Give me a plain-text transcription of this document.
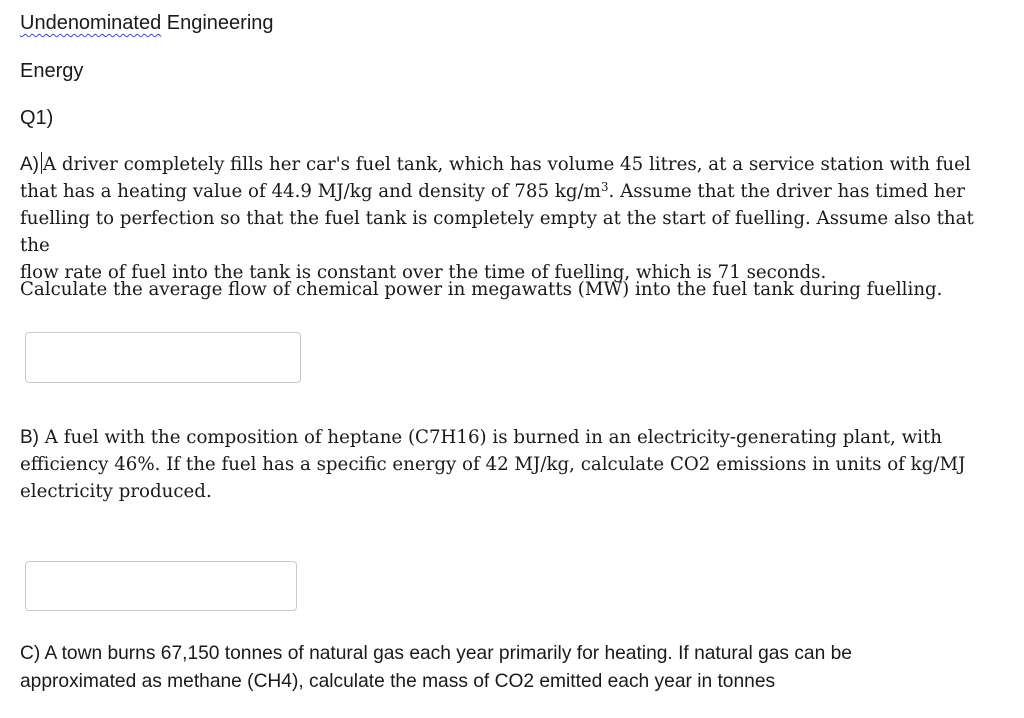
Undenominated Engineering
Energy
Q1)
A) A driver completely fills her car's fuel tank, which has volume 45 litres, at a service station with fuel
that has a heating value of 44.9 MJ/kg and density of 785 $kg/m^3$. Assume that the driver has timed her
fuelling to perfection so that the fuel tank is completely empty at the start of fuelling. Assume also that the
flow rate of fuel into the tank is constant over the time of fuelling, which is 71 seconds.
Calculate the average flow of chemical power in megawatts (MW) into the fuel tank during fuelling.
B) A fuel with the composition of heptane (C7H16) is burned in an electricity-generating plant, with
efficiency 46%. If the fuel has a specific energy of 42 MJ/kg, calculate CO2 emissions in units of kg/MJ
electricity produced.
C) A town burns 67,150 tonnes of natural gas each year primarily for heating. If natural gas can be
approximated as methane (CH4), calculate the mass of CO2 emitted each year in tonnes
